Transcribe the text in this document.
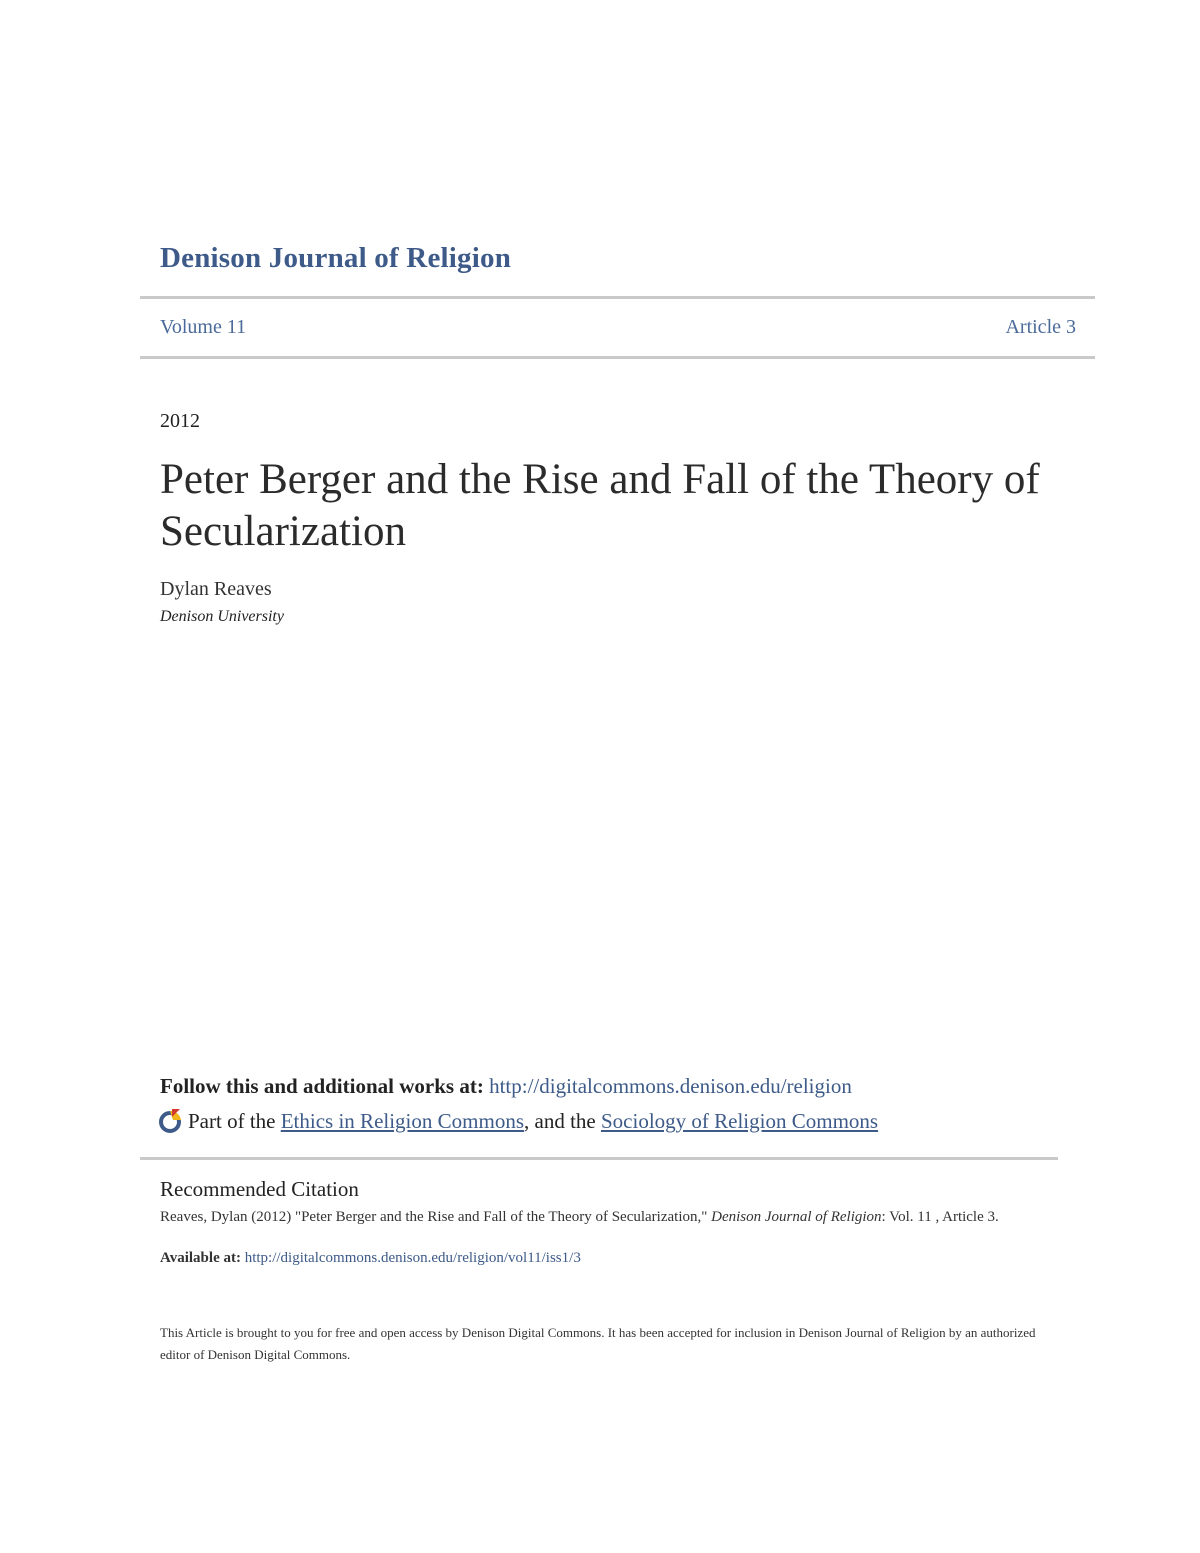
Denison Journal of Religion
Volume 11	Article 3
2012
Peter Berger and the Rise and Fall of the Theory of Secularization
Dylan Reaves
Denison University
Follow this and additional works at: http://digitalcommons.denison.edu/religion
Part of the
Ethics in Religion Commons , and the
Sociology of Religion Commons
Recommended Citation
Reaves, Dylan (2012) "Peter Berger and the Rise and Fall of the Theory of Secularization," Denison Journal of Religion: Vol. 11 , Article 3.
Available at: http://digitalcommons.denison.edu/religion/vol11/iss1/3
This Article is brought to you for free and open access by Denison Digital Commons. It has been accepted for inclusion in Denison Journal of Religion by an authorized editor of Denison Digital Commons.
